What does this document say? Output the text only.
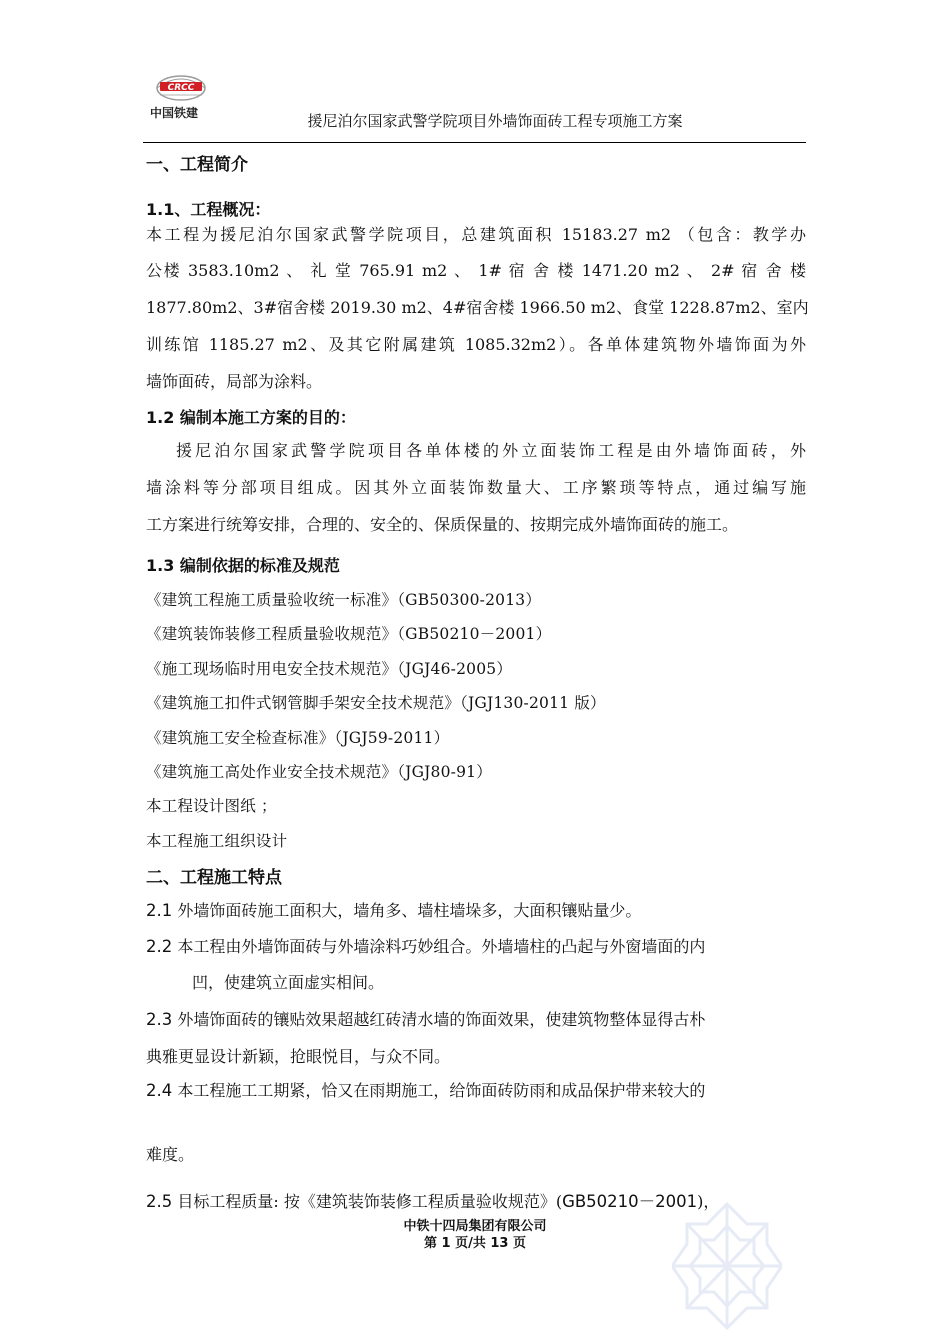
CRCC
中国铁建	援尼泊尔国家武警学院项目外墙饰面砖工程专项施工方案
一、工程简介
1.1、工程概况：
本工程为援尼泊尔国家武警学院项目，总建筑面积 15183.27 m2 （包含：教学办
公楼 3583.10m2 、 礼 堂 765.91 m2 、 1# 宿 舍 楼 1471.20 m2 、 2# 宿 舍 楼
1877.80m2、3#宿舍楼 2019.30 m2、4#宿舍楼 1966.50 m2、食堂 1228.87m2、室内
训练馆 1185.27 m2、及其它附属建筑 1085.32m2）。各单体建筑物外墙饰面为外
墙饰面砖，局部为涂料。
1.2 编制本施工方案的目的：
援尼泊尔国家武警学院项目各单体楼的外立面装饰工程是由外墙饰面砖，外
墙涂料等分部项目组成。因其外立面装饰数量大、工序繁琐等特点，通过编写施
工方案进行统筹安排，合理的、安全的、保质保量的、按期完成外墙饰面砖的施工。
1.3 编制依据的标准及规范
《建筑工程施工质量验收统一标准》（GB50300-2013）
《建筑装饰装修工程质量验收规范》（GB50210－2001）
《施工现场临时用电安全技术规范》（JGJ46-2005）
《建筑施工扣件式钢管脚手架安全技术规范》（JGJ130-2011 版）
《建筑施工安全检查标准》（JGJ59-2011）
《建筑施工高处作业安全技术规范》（JGJ80-91）
本工程设计图纸 ；
本工程施工组织设计
二、工程施工特点
2.1 外墙饰面砖施工面积大，墙角多、墙柱墙垛多，大面积镶贴量少。
2.2 本工程由外墙饰面砖与外墙涂料巧妙组合。外墙墙柱的凸起与外窗墙面的内
凹，使建筑立面虚实相间。
2.3 外墙饰面砖的镶贴效果超越红砖清水墙的饰面效果，使建筑物整体显得古朴
典雅更显设计新颖，抢眼悦目，与众不同。
2.4 本工程施工工期紧，恰又在雨期施工，给饰面砖防雨和成品保护带来较大的
难度。
2.5 目标工程质量: 按《建筑装饰装修工程质量验收规范》(GB50210－2001)，
中铁十四局集团有限公司
第 1 页/共 13 页
